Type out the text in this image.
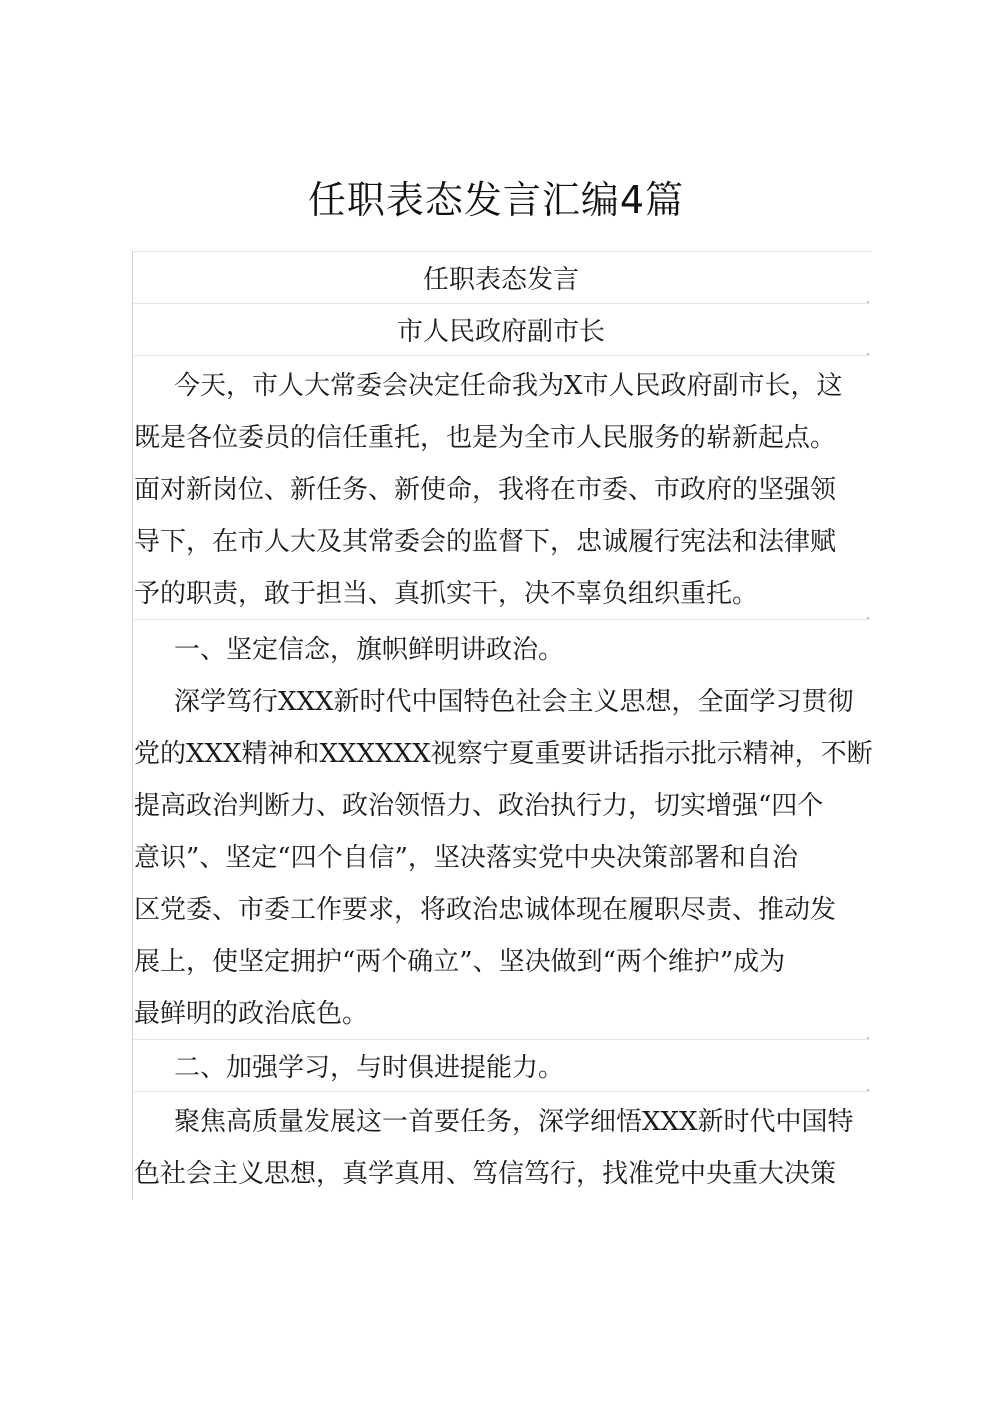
任职表态发言汇编4篇

任职表态发言

市人民政府副市长

今天，市人大常委会决定任命我为X市人民政府副市长，这

既是各位委员的信任重托，也是为全市人民服务的崭新起点。

面对新岗位、新任务、新使命，我将在市委、市政府的坚强领

导下，在市人大及其常委会的监督下，忠诚履行宪法和法律赋

予的职责，敢于担当、真抓实干，决不辜负组织重托。

一、坚定信念，旗帜鲜明讲政治。

深学笃行XXX新时代中国特色社会主义思想，全面学习贯彻

党的XXX精神和XXXXXX视察宁夏重要讲话指示批示精神，不断

提高政治判断力、政治领悟力、政治执行力，切实增强“四个

意识”、坚定“四个自信”，坚决落实党中央决策部署和自治

区党委、市委工作要求，将政治忠诚体现在履职尽责、推动发

展上，使坚定拥护“两个确立”、坚决做到“两个维护”成为

最鲜明的政治底色。

二、加强学习，与时俱进提能力。

聚焦高质量发展这一首要任务，深学细悟XXX新时代中国特

色社会主义思想，真学真用、笃信笃行，找准党中央重大决策
